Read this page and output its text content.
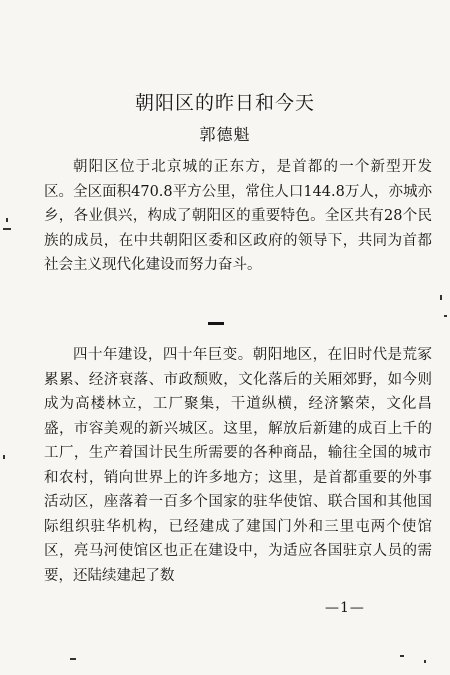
朝阳区的昨日和今天
郭德魁

朝阳区位于北京城的正东方，是首都的一个新型开发区。全区面积470.8平方公里，常住人口144.8万人，亦城亦乡，各业俱兴，构成了朝阳区的重要特色。全区共有28个民族的成员，在中共朝阳区委和区政府的领导下，共同为首都社会主义现代化建设而努力奋斗。

四十年建设，四十年巨变。朝阳地区，在旧时代是荒冢累累、经济衰落、市政颓败，文化落后的关厢郊野，如今则成为高楼林立，工厂聚集，干道纵横，经济繁荣，文化昌盛，市容美观的新兴城区。这里，解放后新建的成百上千的工厂，生产着国计民生所需要的各种商品，输往全国的城市和农村，销向世界上的许多地方；这里，是首都重要的外事活动区，座落着一百多个国家的驻华使馆、联合国和其他国际组织驻华机构，已经建成了建国门外和三里屯两个使馆区，亮马河使馆区也正在建设中，为适应各国驻京人员的需要，还陆续建起了数

—1—
